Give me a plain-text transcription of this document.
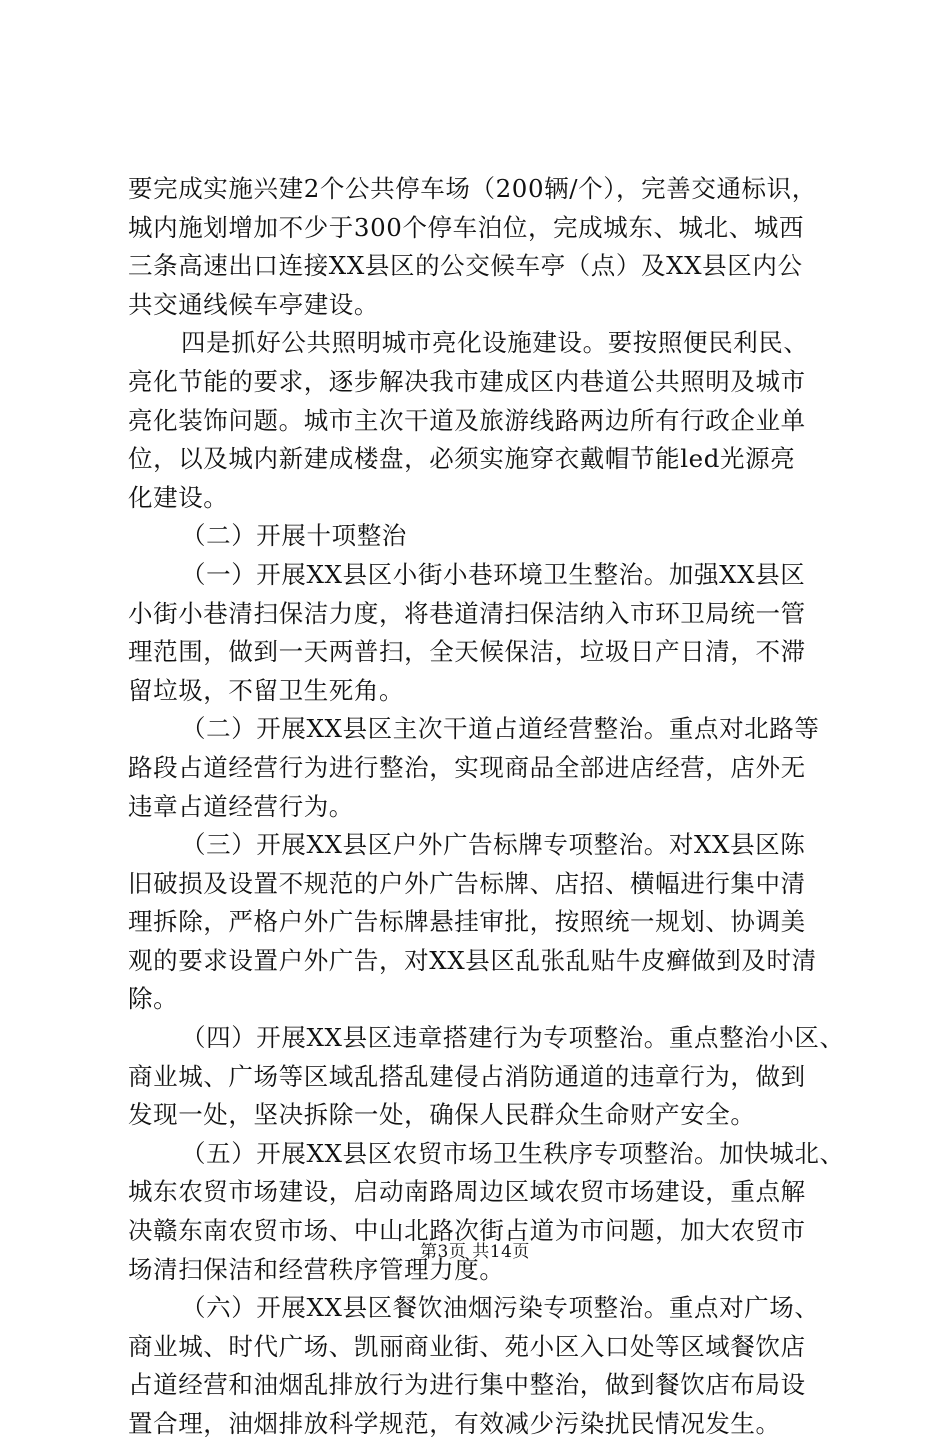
要完成实施兴建2个公共停车场（200辆/个），完善交通标识，
城内施划增加不少于300个停车泊位，完成城东、城北、城西
三条高速出口连接XX县区的公交候车亭（点）及XX县区内公
共交通线候车亭建设。
四是抓好公共照明城市亮化设施建设。要按照便民利民、
亮化节能的要求，逐步解决我市建成区内巷道公共照明及城市
亮化装饰问题。城市主次干道及旅游线路两边所有行政企业单
位，以及城内新建成楼盘，必须实施穿衣戴帽节能led光源亮
化建设。
（二）开展十项整治
（一）开展XX县区小街小巷环境卫生整治。加强XX县区
小街小巷清扫保洁力度，将巷道清扫保洁纳入市环卫局统一管
理范围，做到一天两普扫，全天候保洁，垃圾日产日清，不滞
留垃圾，不留卫生死角。
（二）开展XX县区主次干道占道经营整治。重点对北路等
路段占道经营行为进行整治，实现商品全部进店经营，店外无
违章占道经营行为。
（三）开展XX县区户外广告标牌专项整治。对XX县区陈
旧破损及设置不规范的户外广告标牌、店招、横幅进行集中清
理拆除，严格户外广告标牌悬挂审批，按照统一规划、协调美
观的要求设置户外广告，对XX县区乱张乱贴牛皮癣做到及时清
除。
（四）开展XX县区违章搭建行为专项整治。重点整治小区、
商业城、广场等区域乱搭乱建侵占消防通道的违章行为，做到
发现一处，坚决拆除一处，确保人民群众生命财产安全。
（五）开展XX县区农贸市场卫生秩序专项整治。加快城北、
城东农贸市场建设，启动南路周边区域农贸市场建设，重点解
决赣东南农贸市场、中山北路次街占道为市问题，加大农贸市
场清扫保洁和经营秩序管理力度。
（六）开展XX县区餐饮油烟污染专项整治。重点对广场、
商业城、时代广场、凯丽商业街、苑小区入口处等区域餐饮店
占道经营和油烟乱排放行为进行集中整治，做到餐饮店布局设
置合理，油烟排放科学规范，有效减少污染扰民情况发生。
第3页 共14页
